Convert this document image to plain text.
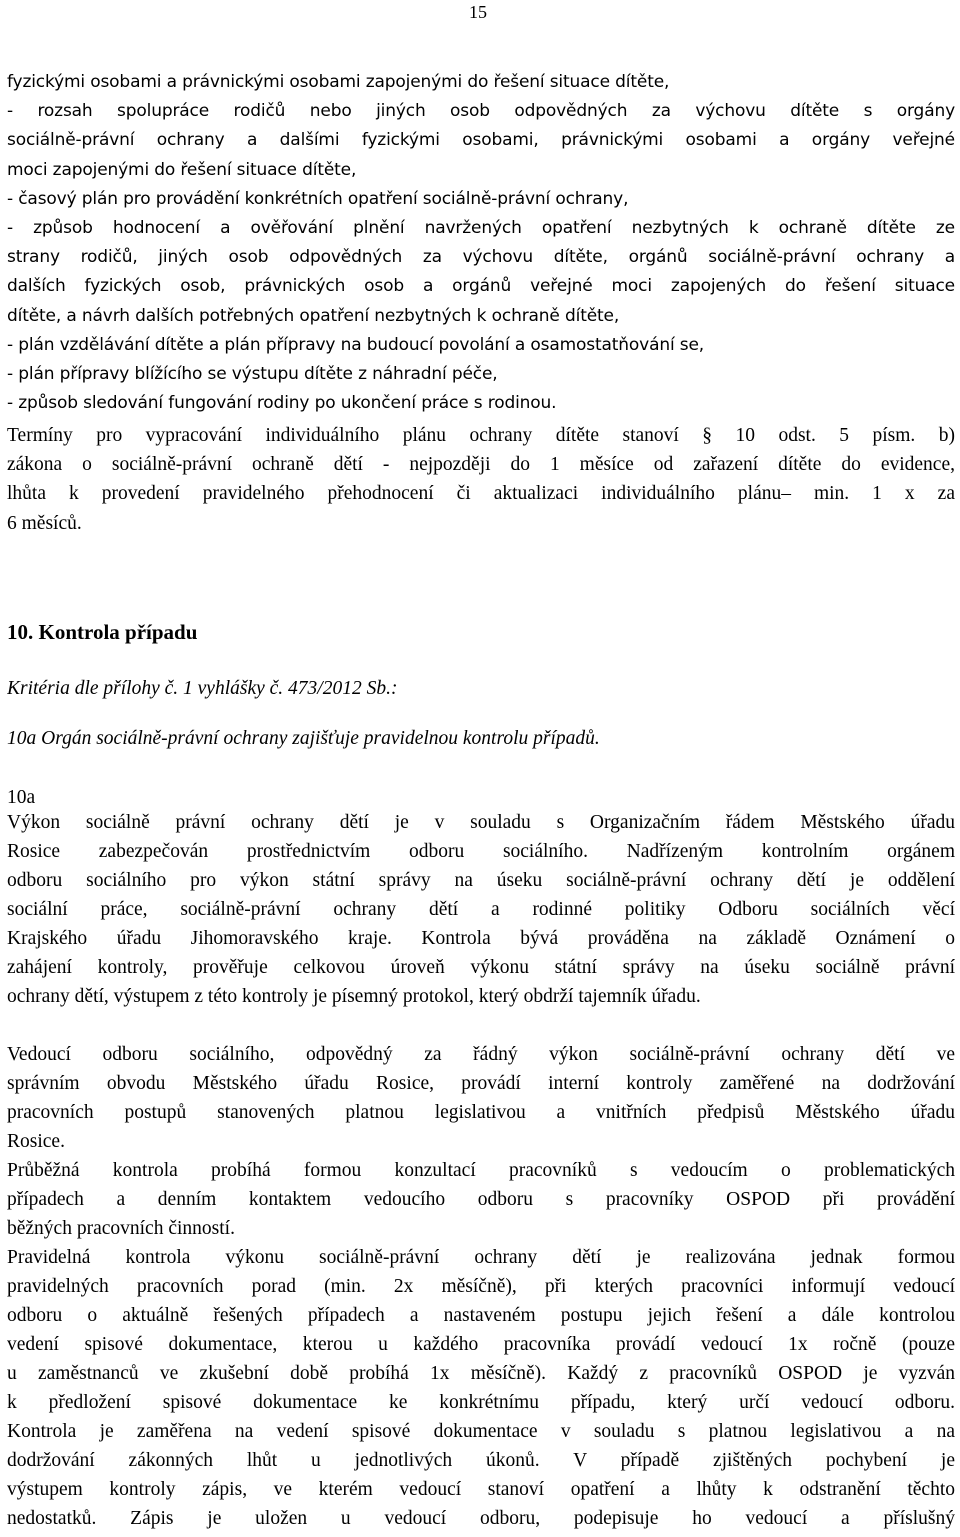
15
fyzickými osobami a právnickými osobami zapojenými do řešení situace dítěte,
- rozsah spolupráce rodičů nebo jiných osob odpovědných za výchovu dítěte s orgány
sociálně-právní ochrany a dalšími fyzickými osobami, právnickými osobami a orgány veřejné
moci zapojenými do řešení situace dítěte,
- časový plán pro provádění konkrétních opatření sociálně-právní ochrany,
- způsob hodnocení a ověřování plnění navržených opatření nezbytných k ochraně dítěte ze
strany rodičů, jiných osob odpovědných za výchovu dítěte, orgánů sociálně-právní ochrany a
dalších fyzických osob, právnických osob a orgánů veřejné moci zapojených do řešení situace
dítěte, a návrh dalších potřebných opatření nezbytných k ochraně dítěte,
- plán vzdělávání dítěte a plán přípravy na budoucí povolání a osamostatňování se,
- plán přípravy blížícího se výstupu dítěte z náhradní péče,
- způsob sledování fungování rodiny po ukončení práce s rodinou.
Termíny pro vypracování individuálního plánu ochrany dítěte stanoví § 10 odst. 5 písm. b)
zákona o sociálně-právní ochraně dětí - nejpozději do 1 měsíce od zařazení dítěte do evidence,
lhůta k provedení pravidelného přehodnocení či aktualizaci individuálního plánu– min. 1 x za
6 měsíců.
10. Kontrola případu
Kritéria dle přílohy č. 1 vyhlášky č. 473/2012 Sb.:
10a Orgán sociálně-právní ochrany zajišťuje pravidelnou kontrolu případů.
10a
Výkon sociálně právní ochrany dětí je v souladu s Organizačním řádem Městského úřadu
Rosice zabezpečován prostřednictvím odboru sociálního. Nadřízeným kontrolním orgánem
odboru sociálního pro výkon státní správy na úseku sociálně-právní ochrany dětí je oddělení
sociální práce, sociálně-právní ochrany dětí a rodinné politiky Odboru sociálních věcí
Krajského úřadu Jihomoravského kraje. Kontrola bývá prováděna na základě Oznámení o
zahájení kontroly, prověřuje celkovou úroveň výkonu státní správy na úseku sociálně právní
ochrany dětí, výstupem z této kontroly je písemný protokol, který obdrží tajemník úřadu.
Vedoucí odboru sociálního, odpovědný za řádný výkon sociálně-právní ochrany dětí ve
správním obvodu Městského úřadu Rosice, provádí interní kontroly zaměřené na dodržování
pracovních postupů stanovených platnou legislativou a vnitřních předpisů Městského úřadu
Rosice.
Průběžná kontrola probíhá formou konzultací pracovníků s vedoucím o problematických
případech a denním kontaktem vedoucího odboru s pracovníky OSPOD při provádění
běžných pracovních činností.
Pravidelná kontrola výkonu sociálně-právní ochrany dětí je realizována jednak formou
pravidelných pracovních porad (min. 2x měsíčně), při kterých pracovníci informují vedoucí
odboru o aktuálně řešených případech a nastaveném postupu jejich řešení a dále kontrolou
vedení spisové dokumentace, kterou u každého pracovníka provádí vedoucí 1x ročně (pouze
u zaměstnanců ve zkušební době probíhá 1x měsíčně). Každý z pracovníků OSPOD je vyzván
k předložení spisové dokumentace ke konkrétnímu případu, který určí vedoucí odboru.
Kontrola je zaměřena na vedení spisové dokumentace v souladu s platnou legislativou a na
dodržování zákonných lhůt u jednotlivých úkonů. V případě zjištěných pochybení je
výstupem kontroly zápis, ve kterém vedoucí stanoví opatření a lhůty k odstranění těchto
nedostatků. Zápis je uložen u vedoucí odboru, podepisuje ho vedoucí a příslušný
